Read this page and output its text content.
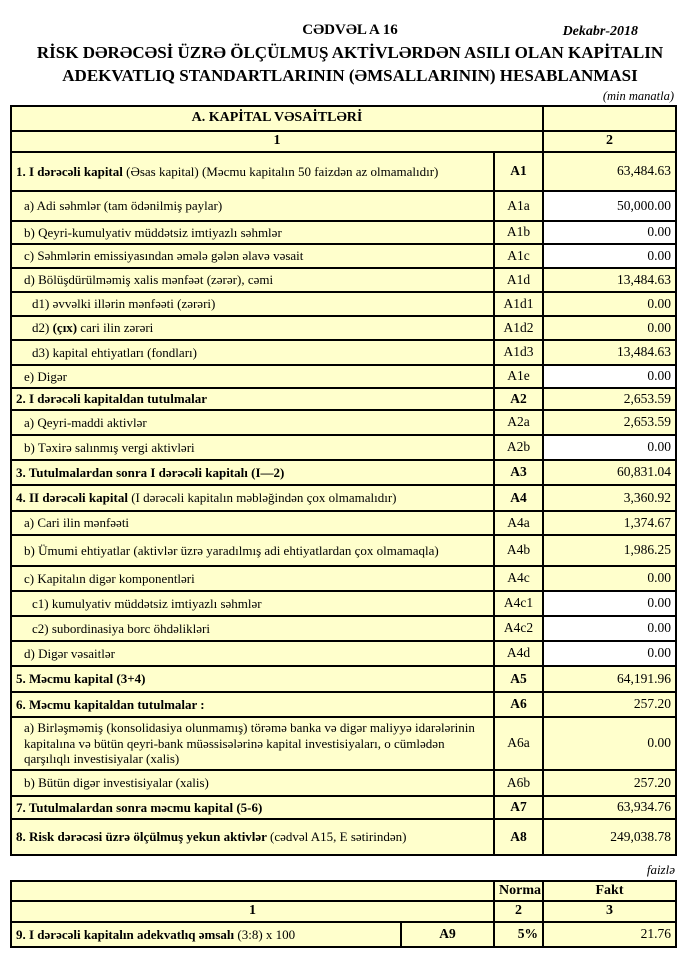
Dekabr-2018
CƏDVƏL A 16
RİSK DƏRƏCƏSİ ÜZRƏ ÖLÇÜLMUŞ AKTİVLƏRDƏN ASILI OLAN KAPİTALIN
ADEKVATLIQ STANDARTLARININ (ƏMSALLARININ) HESABLANMASI
(min manatla)
A. KAPİTAL VƏSAİTLƏRİ		
1		2
1. I dərəcəli kapital (Əsas kapital) (Məcmu kapitalın 50 faizdən az olmamalıdır)	A1	63,484.63
a) Adi səhmlər (tam ödənilmiş paylar)	A1a	50,000.00
b) Qeyri-kumulyativ müddətsiz imtiyazlı səhmlər	A1b	0.00
c) Səhmlərin emissiyasından əmələ gələn əlavə vəsait	A1c	0.00
d) Bölüşdürülməmiş xalis mənfəət (zərər), cəmi	A1d	13,484.63
d1) əvvəlki illərin mənfəəti (zərəri)	A1d1	0.00
d2) (çıx) cari ilin zərəri	A1d2	0.00
d3) kapital ehtiyatları (fondları)	A1d3	13,484.63
e) Digər	A1e	0.00
2. I dərəcəli kapitaldan tutulmalar	A2	2,653.59
a) Qeyri-maddi aktivlər	A2a	2,653.59
b) Təxirə salınmış vergi aktivləri	A2b	0.00
3. Tutulmalardan sonra I dərəcəli kapitalı (I—2)	A3	60,831.04
4. II dərəcəli kapital (I dərəcəli kapitalın məbləğindən çox olmamalıdır)	A4	3,360.92
a) Cari ilin mənfəəti	A4a	1,374.67
b) Ümumi ehtiyatlar (aktivlər üzrə yaradılmış adi ehtiyatlardan çox olmamaqla)	A4b	1,986.25
c) Kapitalın digər komponentləri	A4c	0.00
c1) kumulyativ müddətsiz imtiyazlı səhmlər	A4c1	0.00
c2) subordinasiya borc öhdəlikləri	A4c2	0.00
d) Digər vəsaitlər	A4d	0.00
5. Məcmu kapital (3+4)	A5	64,191.96
6. Məcmu kapitaldan tutulmalar :	A6	257.20
a) Birləşməmiş (konsolidasiya olunmamış) törəmə banka və digər maliyyə idarələrinin kapitalına və bütün qeyri-bank müəssisələrinə kapital investisiyaları, o cümlədən qarşılıqlı investisiyalar (xalis)	A6a	0.00
b) Bütün digər investisiyalar (xalis)	A6b	257.20
7. Tutulmalardan sonra məcmu kapital (5-6)	A7	63,934.76
8. Risk dərəcəsi üzrə ölçülmuş yekun aktivlər (cədvəl A15, E sətirindən)	A8	249,038.78
faizlə
		Norma	Fakt
1		2	3
9. I dərəcəli kapitalın adekvatlıq əmsalı (3:8) x 100	A9	5%	21.76
